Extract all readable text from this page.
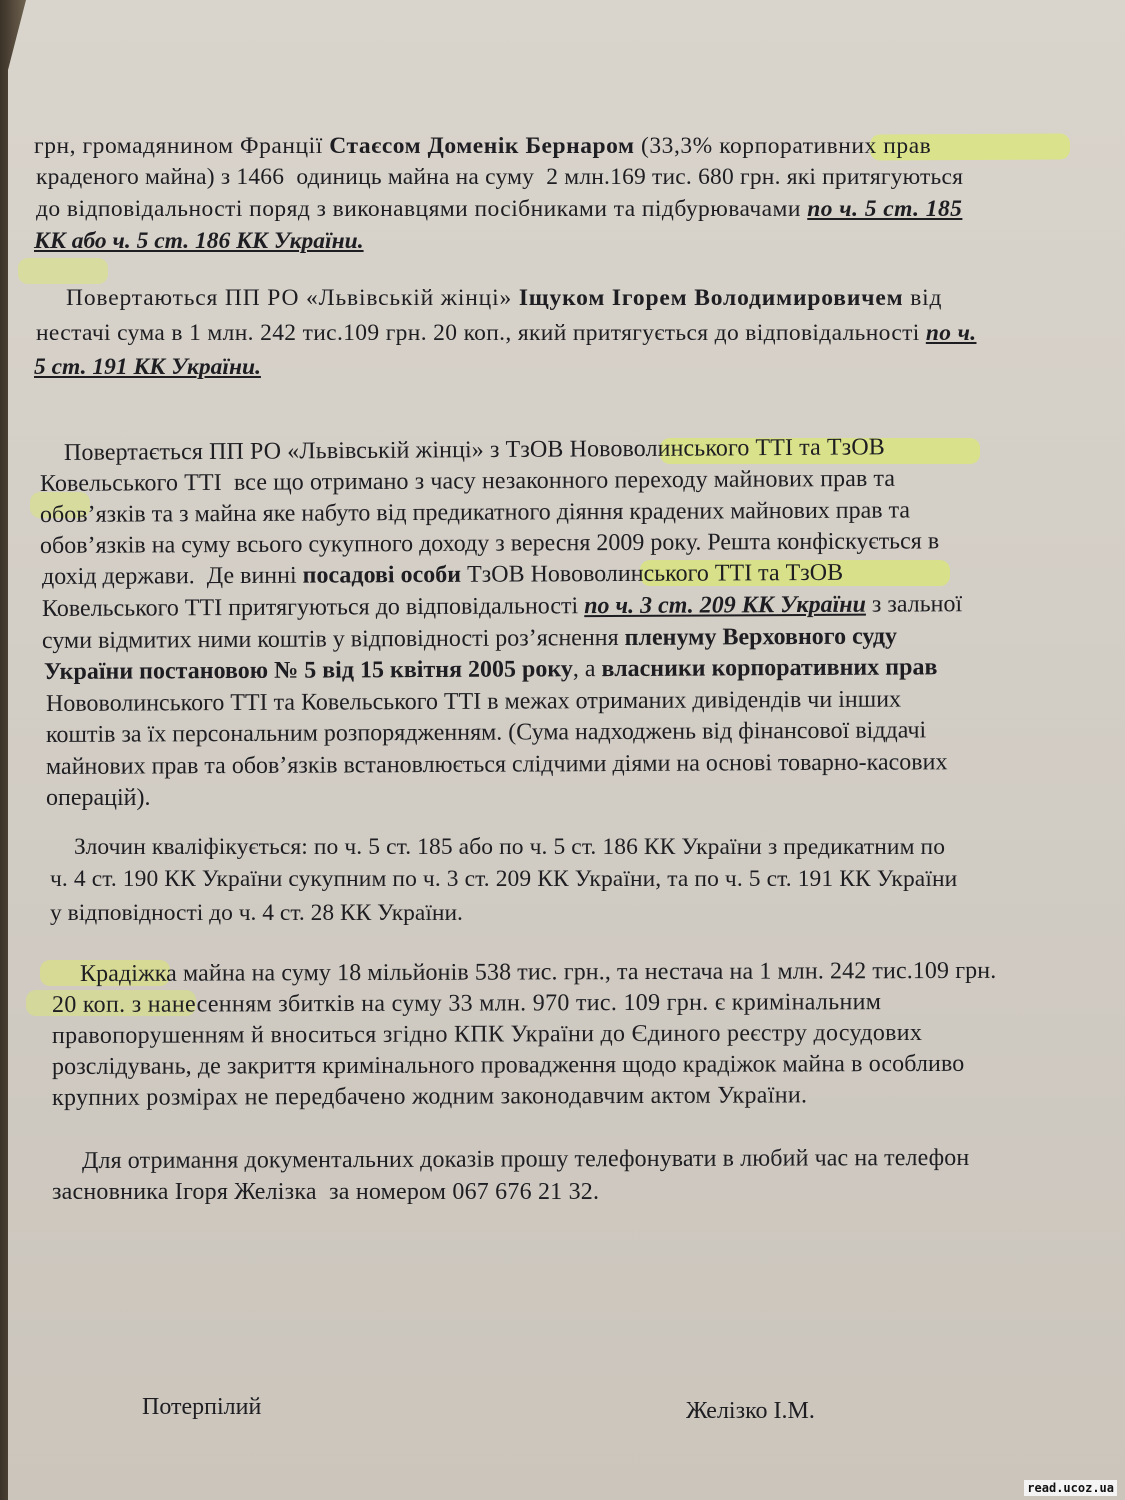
грн, громадянином Франції Стаєсом Доменік Бернаром (33,3% корпоративних прав

краденого майна) з 1466  одиниць майна на суму  2 млн.169 тис. 680 грн. які притягуються

до відповідальності поряд з виконавцями посібниками та підбурювачами по ч. 5 ст. 185

КК або ч. 5 ст. 186 КК України.

Повертаються ПП РО «Львівській жінці» Іщуком Ігорем Володимировичем від

нестачі сума в 1 млн. 242 тис.109 грн. 20 коп., який притягується до відповідальності по ч.

5 ст. 191 КК України.

Повертається ПП РО «Львівській жінці» з ТзОВ Нововолинського ТТІ та ТзОВ

Ковельського ТТІ  все що отримано з часу незаконного переходу майнових прав та

обов’язків та з майна яке набуто від предикатного діяння крадених майнових прав та

обов’язків на суму всього сукупного доходу з вересня 2009 року. Решта конфіскується в

дохід держави.  Де винні посадові особи ТзОВ Нововолинського ТТІ та ТзОВ

Ковельського ТТІ притягуються до відповідальності по ч. 3 ст. 209 КК України з зальної

суми відмитих ними коштів у відповідності роз’яснення пленуму Верховного суду

України постановою № 5 від 15 квітня 2005 року, а власники корпоративних прав

Нововолинського ТТІ та Ковельського ТТІ в межах отриманих дивідендів чи інших

коштів за їх персональним розпорядженням. (Сума надходжень від фінансової віддачі

майнових прав та обов’язків встановлюється слідчими діями на основі товарно-касових

операцій).

Злочин кваліфікується: по ч. 5 ст. 185 або по ч. 5 ст. 186 КК України з предикатним по

ч. 4 ст. 190 КК України сукупним по ч. 3 ст. 209 КК України, та по ч. 5 ст. 191 КК України

у відповідності до ч. 4 ст. 28 КК України.

Крадіжка майна на суму 18 мільйонів 538 тис. грн., та нестача на 1 млн. 242 тис.109 грн.

20 коп. з нанесенням збитків на суму 33 млн. 970 тис. 109 грн. є кримінальним

правопорушенням й вноситься згідно КПК України до Єдиного реєстру досудових

розслідувань, де закриття кримінального провадження щодо крадіжок майна в особливо

крупних розмірах не передбачено жодним законодавчим актом України.

Для отримання документальних доказів прошу телефонувати в любий час на телефон

засновника Ігоря Желізка  за номером 067 676 21 32.

Потерпілий	Желізко І.М.

read.ucoz.ua
